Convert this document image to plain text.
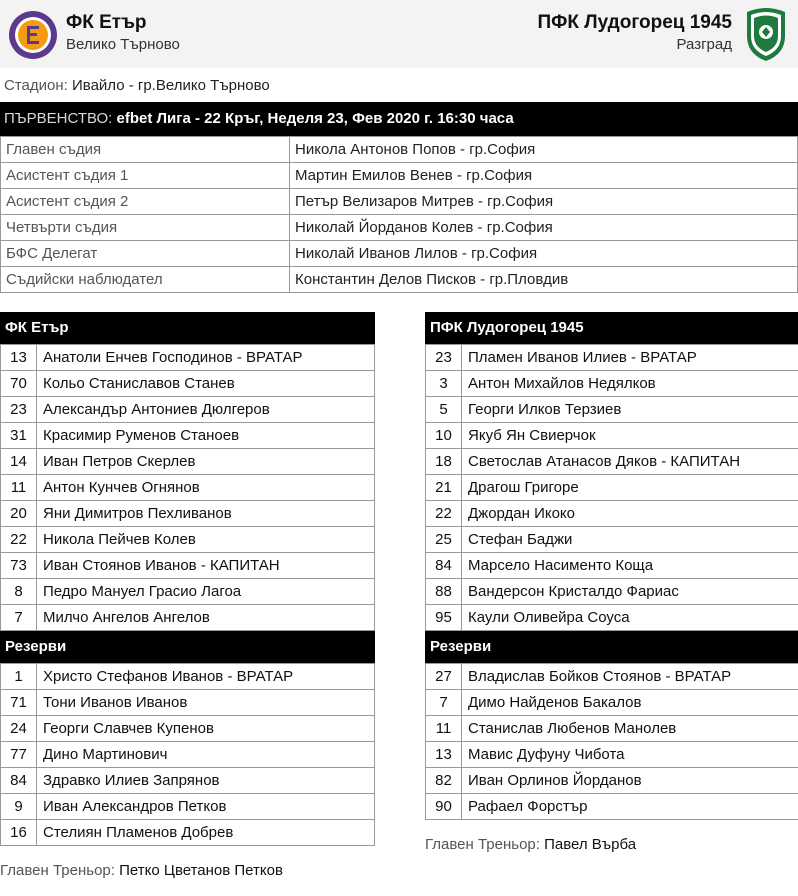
ФК Етър
Велико Търново
ПФК Лудогорец 1945
Разград
Стадион: Ивайло - гр.Велико Търново
ПЪРВЕНСТВО: efbet Лига - 22 Кръг, Неделя 23, Фев 2020 г. 16:30 часа
Главен съдия	Никола Антонов Попов - гр.София
Асистент съдия 1	Мартин Емилов Венев - гр.София
Асистент съдия 2	Петър Велизаров Митрев - гр.София
Четвърти съдия	Николай Йорданов Колев - гр.София
БФС Делегат	Николай Иванов Лилов - гр.София
Съдийски наблюдател	Константин Делов Писков - гр.Пловдив
ФК Етър
13	Анатоли Енчев Господинов - ВРАТАР
70	Кольо Станиславов Станев
23	Александър Антониев Дюлгеров
31	Красимир Руменов Станоев
14	Иван Петров Скерлев
11	Антон Кунчев Огнянов
20	Яни Димитров Пехливанов
22	Никола Пейчев Колев
73	Иван Стоянов Иванов - КАПИТАН
8	Педро Мануел Грасио Лагоа
7	Милчо Ангелов Ангелов
Резерви
1	Христо Стефанов Иванов - ВРАТАР
71	Тони Иванов Иванов
24	Георги Славчев Купенов
77	Дино Мартинович
84	Здравко Илиев Запрянов
9	Иван Александров Петков
16	Стелиян Пламенов Добрев
ПФК Лудогорец 1945
23	Пламен Иванов Илиев - ВРАТАР
3	Антон Михайлов Недялков
5	Георги Илков Терзиев
10	Якуб Ян Свиерчок
18	Светослав Атанасов Дяков - КАПИТАН
21	Драгош Григоре
22	Джордан Икоко
25	Стефан Баджи
84	Марсело Насименто Коща
88	Вандерсон Кристалдо Фариас
95	Каули Оливейра Соуса
Резерви
27	Владислав Бойков Стоянов - ВРАТАР
7	Димо Найденов Бакалов
11	Станислав Любенов Манолев
13	Мавис Дуфуну Чибота
82	Иван Орлинов Йорданов
90	Рафаел Форстър
Главен Треньор: Павел Върба
Главен Треньор: Петко Цветанов Петков
